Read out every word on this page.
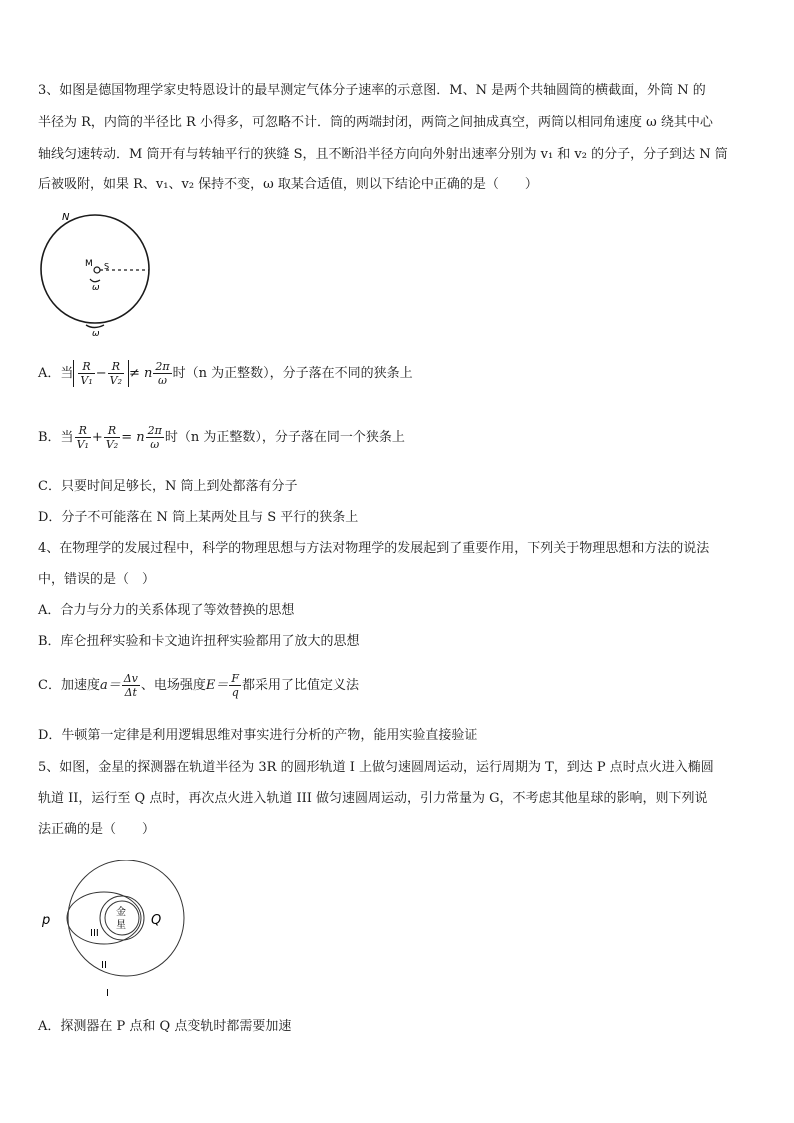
3、如图是德国物理学家史特恩设计的最早测定气体分子速率的示意图．M、N 是两个共轴圆筒的横截面，外筒 N 的
半径为 R，内筒的半径比 R 小得多，可忽略不计．筒的两端封闭，两筒之间抽成真空，两筒以相同角速度 ω 绕其中心
轴线匀速转动．M 筒开有与转轴平行的狭缝 S，且不断沿半径方向向外射出速率分别为 v₁ 和 v₂ 的分子，分子到达 N 筒
后被吸附，如果 R、v₁、v₂ 保持不变，ω 取某合适值，则以下结论中正确的是（　　）
N
M S
ω
ω
A．当 $\frac{R}{\text{V₁}} - \frac{R}{\text{V₂}} \ne n \frac{2\pi}{\omega}$ 时（n 为正整数），分子落在不同的狭条上
B．当 $\frac{R}{\text{V₁}} + \frac{R}{\text{V₂}} = n \frac{2\pi}{\omega}$ 时（n 为正整数），分子落在同一个狭条上
C．只要时间足够长，N 筒上到处都落有分子
D．分子不可能落在 N 筒上某两处且与 S 平行的狭条上
4、在物理学的发展过程中，科学的物理思想与方法对物理学的发展起到了重要作用，下列关于物理思想和方法的说法
中，错误的是（　）
A．合力与分力的关系体现了等效替换的思想
B．库仑扭秤实验和卡文迪许扭秤实验都用了放大的思想
C．加速度$a= \frac{\Delta v}{\Delta t}$ 、电场强度$E= \frac{F}{q}$ 都采用了比值定义法
D．牛顿第一定律是利用逻辑思维对事实进行分析的产物，能用实验直接验证
5、如图，金星的探测器在轨道半径为 3R 的圆形轨道 I 上做匀速圆周运动，运行周期为 T，到达 P 点时点火进入椭圆
轨道 II，运行至 Q 点时，再次点火进入轨道 III 做匀速圆周运动，引力常量为 G，不考虑其他星球的影响，则下列说
法正确的是（　　）
金
星
p	Q
III
II
I
A．探测器在 P 点和 Q 点变轨时都需要加速
